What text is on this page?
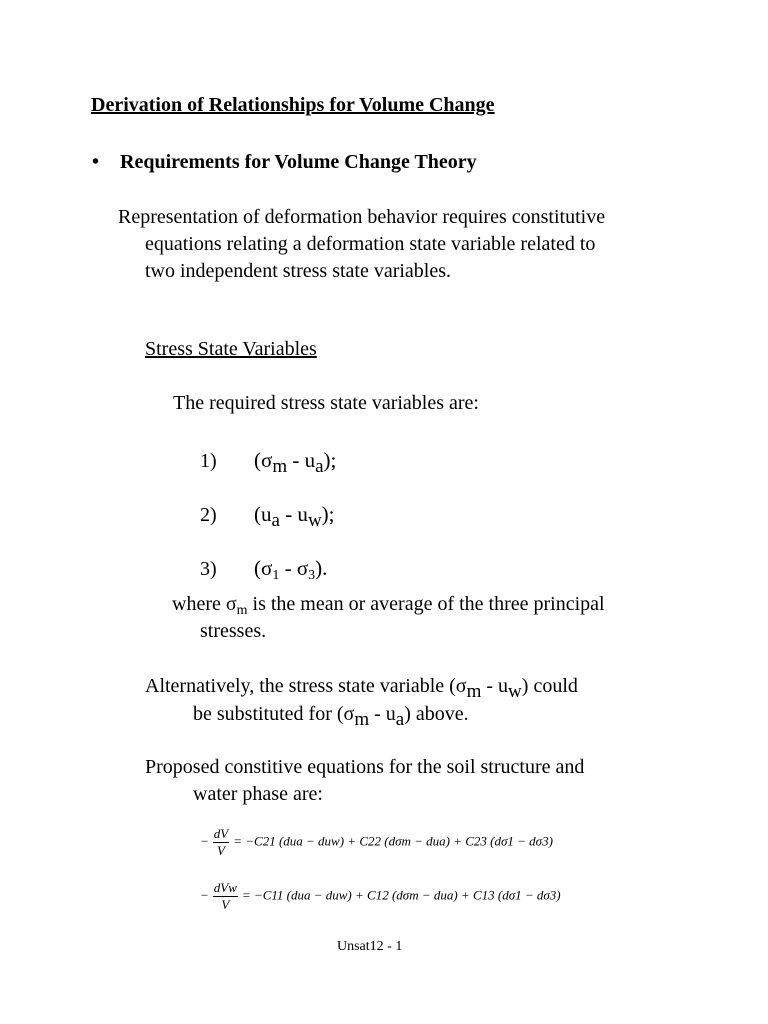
Derivation of Relationships for Volume Change
• Requirements for Volume Change Theory
Representation of deformation behavior requires constitutive
equations relating a deformation state variable related to
two independent stress state variables.
Stress State Variables
The required stress state variables are:
1) $(\sigma_m - u_a)$;
2) $(u_a - u_w)$;
3) $(\sigma_1 - \sigma_3)$.
where $\sigma_m$ is the mean or average of the three principal
stresses.
Alternatively, the stress state variable $(\sigma_m - u_w)$ could
be substituted for $(\sigma_m - u_a)$ above.
Proposed constitive equations for the soil structure and
water phase are:
− $\frac{dV}{V} = -C21$ (dua − duw) + C22 (dσm − dua) + C23 (dσ1 − dσ3)
− $\frac{\text{dVw}}{V} = -C11$ (dua − duw) + C12 (dσm − dua) + C13 (dσ1 − dσ3)
Unsat12 - 1
